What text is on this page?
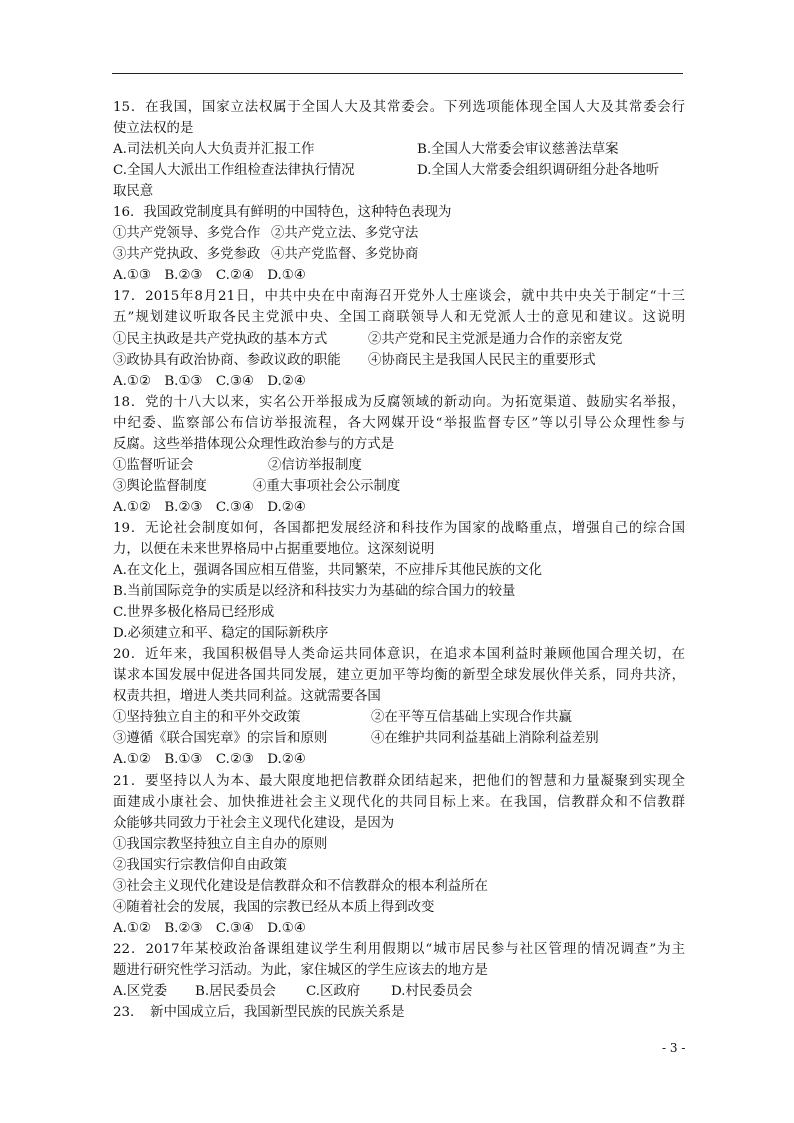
15．在我国，国家立法权属于全国人大及其常委会。下列选项能体现全国人大及其常委会行
使立法权的是
A.司法机关向人大负责并汇报工作	B.全国人大常委会审议慈善法草案
C.全国人大派出工作组检查法律执行情况	D.全国人大常委会组织调研组分赴各地听
取民意
16．我国政党制度具有鲜明的中国特色，这种特色表现为
①共产党领导、多党合作 ②共产党立法、多党守法
③共产党执政、多党参政 ④共产党监督、多党协商
A.①③　B.②③　C.②④　D.①④
17．2015年8月21日，中共中央在中南海召开党外人士座谈会，就中共中央关于制定“十三
五”规划建议听取各民主党派中央、全国工商联领导人和无党派人士的意见和建议。这说明
①民主执政是共产党执政的基本方式	②共产党和民主党派是通力合作的亲密友党
③政协具有政治协商、参政议政的职能	④协商民主是我国人民民主的重要形式
A.①②　B.①③　C.③④　D.②④
18．党的十八大以来，实名公开举报成为反腐领域的新动向。为拓宽渠道、鼓励实名举报，
中纪委、监察部公布信访举报流程，各大网媒开设“举报监督专区”等以引导公众理性参与
反腐。这些举措体现公众理性政治参与的方式是
①监督听证会	②信访举报制度
③舆论监督制度	④重大事项社会公示制度
A.①②　B.②③　C.③④　D.②④
19．无论社会制度如何，各国都把发展经济和科技作为国家的战略重点，增强自己的综合国
力，以便在未来世界格局中占据重要地位。这深刻说明
A.在文化上，强调各国应相互借鉴，共同繁荣，不应排斥其他民族的文化
B.当前国际竞争的实质是以经济和科技实力为基础的综合国力的较量
C.世界多极化格局已经形成
D.必须建立和平、稳定的国际新秩序
20．近年来，我国积极倡导人类命运共同体意识，在追求本国利益时兼顾他国合理关切，在
谋求本国发展中促进各国共同发展，建立更加平等均衡的新型全球发展伙伴关系，同舟共济，
权责共担，增进人类共同利益。这就需要各国
①坚持独立自主的和平外交政策	②在平等互信基础上实现合作共赢
③遵循《联合国宪章》的宗旨和原则	④在维护共同利益基础上消除利益差别
A.①②　B.①③　C.②③　D.②④
21．要坚持以人为本、最大限度地把信教群众团结起来，把他们的智慧和力量凝聚到实现全
面建成小康社会、加快推进社会主义现代化的共同目标上来。在我国，信教群众和不信教群
众能够共同致力于社会主义现代化建设，是因为
①我国宗教坚持独立自主自办的原则
②我国实行宗教信仰自由政策
③社会主义现代化建设是信教群众和不信教群众的根本利益所在
④随着社会的发展，我国的宗教已经从本质上得到改变
A.①②　B.②③　C.③④　D.①④
22．2017年某校政治备课组建议学生利用假期以“城市居民参与社区管理的情况调查”为主
题进行研究性学习活动。为此，家住城区的学生应该去的地方是
A.区党委	B.居民委员会	C.区政府	D.村民委员会
23．　新中国成立后，我国新型民族的民族关系是
- 3 -
